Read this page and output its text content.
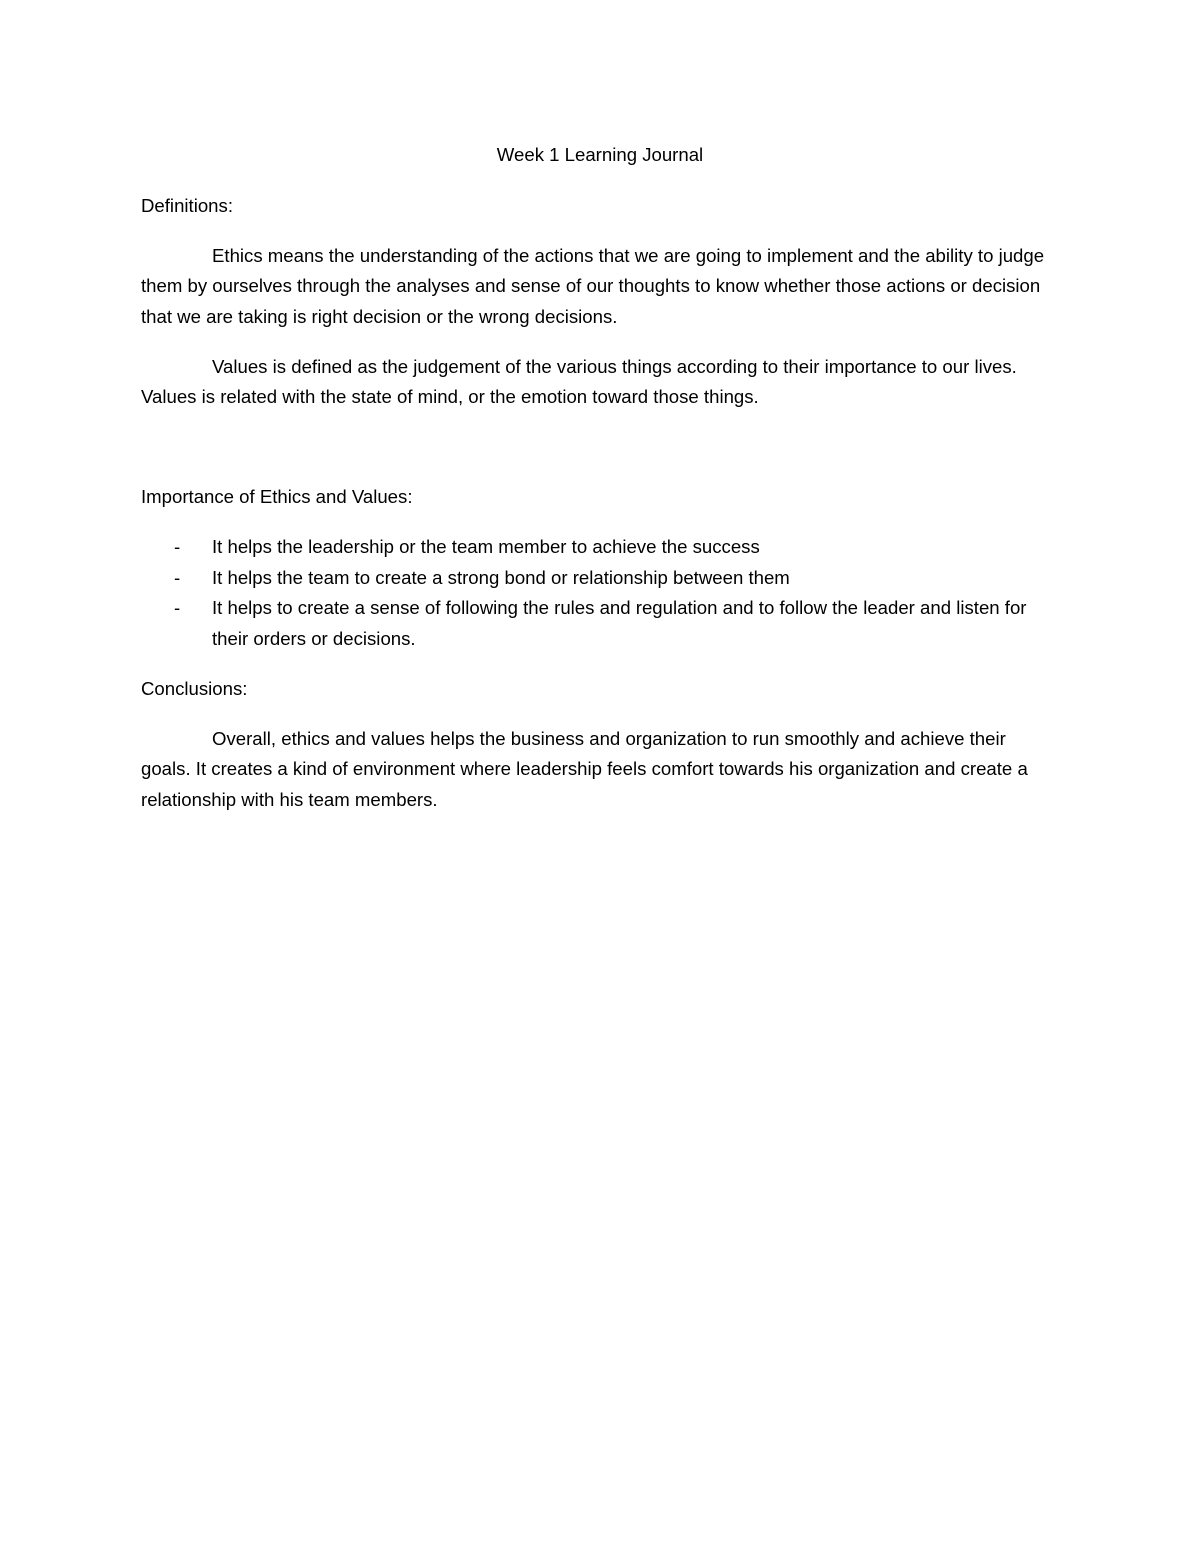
Week 1 Learning Journal
Definitions:

Ethics means the understanding of the actions that we are going to implement and the ability to judge them by ourselves through the analyses and sense of our thoughts to know whether those actions or decision that we are taking is right decision or the wrong decisions.

Values is defined as the judgement of the various things according to their importance to our lives. Values is related with the state of mind, or the emotion toward those things.

Importance of Ethics and Values:
- It helps the leadership or the team member to achieve the success
- It helps the team to create a strong bond or relationship between them
- It helps to create a sense of following the rules and regulation and to follow the leader and listen for their orders or decisions.
Conclusions:

Overall, ethics and values helps the business and organization to run smoothly and achieve their goals. It creates a kind of environment where leadership feels comfort towards his organization and create a relationship with his team members.
